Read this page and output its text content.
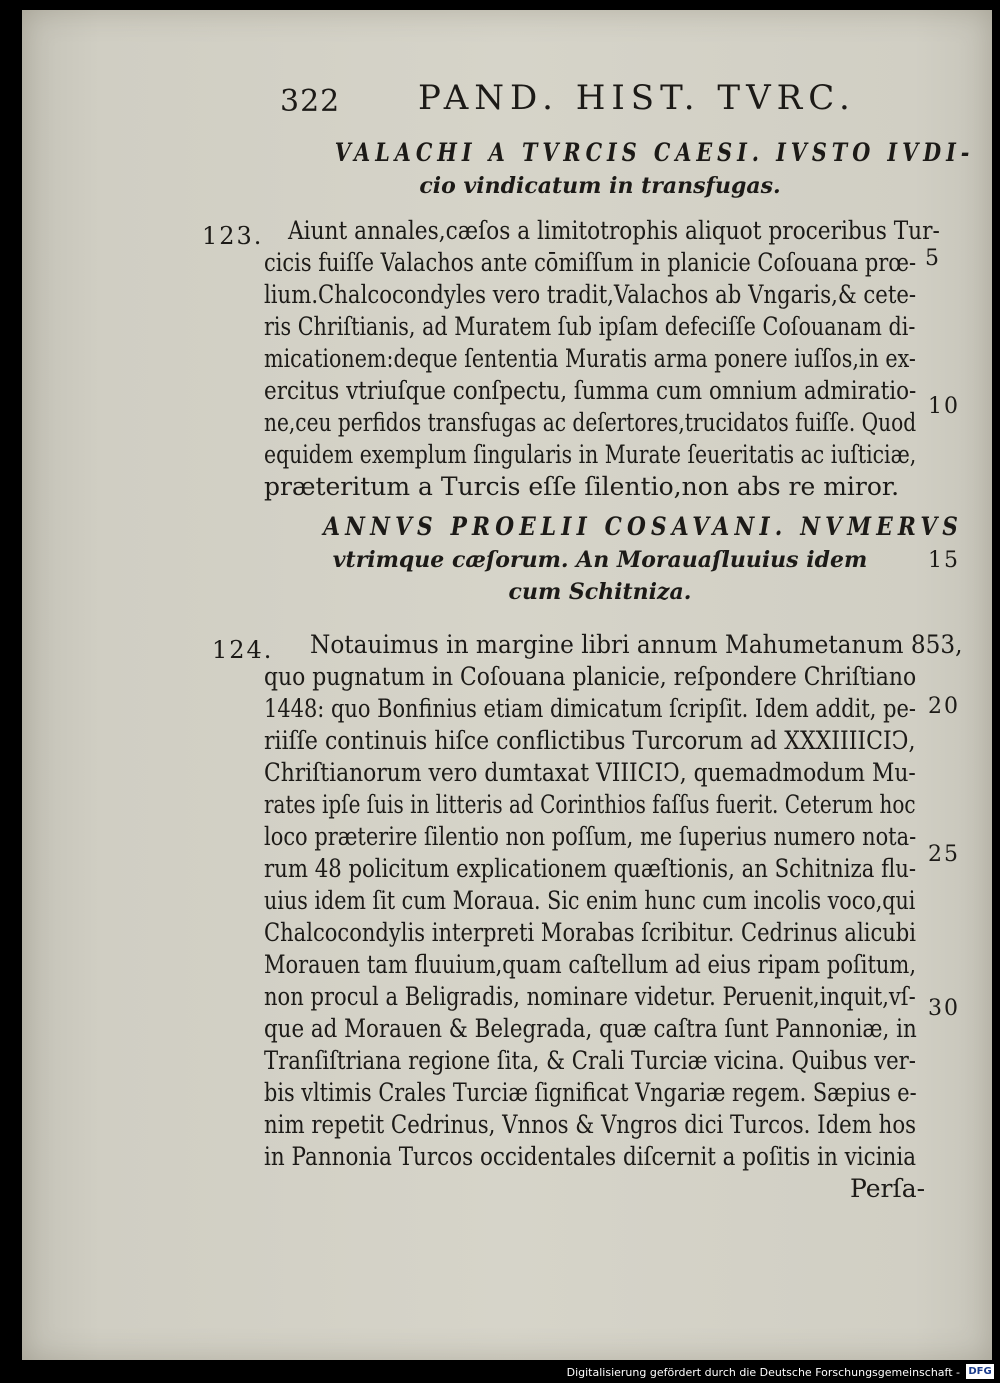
322 PAND. HIST. TVRC.
VALACHI A TVRCIS CAESI. IVSTO IVDI-
cio vindicatum in transfugas.
123. Aiunt annales,cæſos a limitotrophis aliquot proceribus Tur-
cicis fuiſſe Valachos ante cōmiſſum in planicie Coſouana prœ-
lium.Chalcocondyles vero tradit,Valachos ab Vngaris,& cete-
ris Chriſtianis, ad Muratem ſub ipſam defeciſſe Coſouanam di-
micationem:deque ſententia Muratis arma ponere iuſſos,in ex-
ercitus vtriuſque conſpectu, ſumma cum omnium admiratio-
ne,ceu perfidos transfugas ac deſertores,trucidatos fuiſſe. Quod
equidem exemplum ſingularis in Murate ſeueritatis ac iuſticiæ,
præteritum a Turcis eſſe ſilentio,non abs re miror.
ANNVS PROELII COSAVANI. NVMERVS
vtrimque cæſorum. An Morauaſluuius idem
cum Schitniza.
124. Notauimus in margine libri annum Mahumetanum 853,
quo pugnatum in Coſouana planicie, reſpondere Chriſtiano
1448: quo Bonfinius etiam dimicatum ſcripſit. Idem addit, pe-
riiſſe continuis hiſce conflictibus Turcorum ad XXXIIIICIↃ,
Chriſtianorum vero dumtaxat VIIICIↃ, quemadmodum Mu-
rates ipſe ſuis in litteris ad Corinthios faſſus fuerit. Ceterum hoc
loco præterire ſilentio non poſſum, me ſuperius numero nota-
rum 48 policitum explicationem quæſtionis, an Schitniza flu-
uius idem ſit cum Moraua. Sic enim hunc cum incolis voco,qui
Chalcocondylis interpreti Morabas ſcribitur. Cedrinus alicubi
Morauen tam fluuium,quam caſtellum ad eius ripam poſitum,
non procul a Beligradis, nominare videtur. Peruenit,inquit,vſ-
que ad Morauen & Belegrada, quæ caſtra ſunt Pannoniæ, in
Tranſiſtriana regione ſita, & Crali Turciæ vicina. Quibus ver-
bis vltimis Crales Turciæ ſignificat Vngariæ regem. Sæpius e-
nim repetit Cedrinus, Vnnos & Vngros dici Turcos. Idem hos
in Pannonia Turcos occidentales diſcernit a poſitis in vicinia
Perſa-
5
10
15
20
25
30
Digitalisierung gefördert durch die Deutsche Forschungsgemeinschaft - DFG
